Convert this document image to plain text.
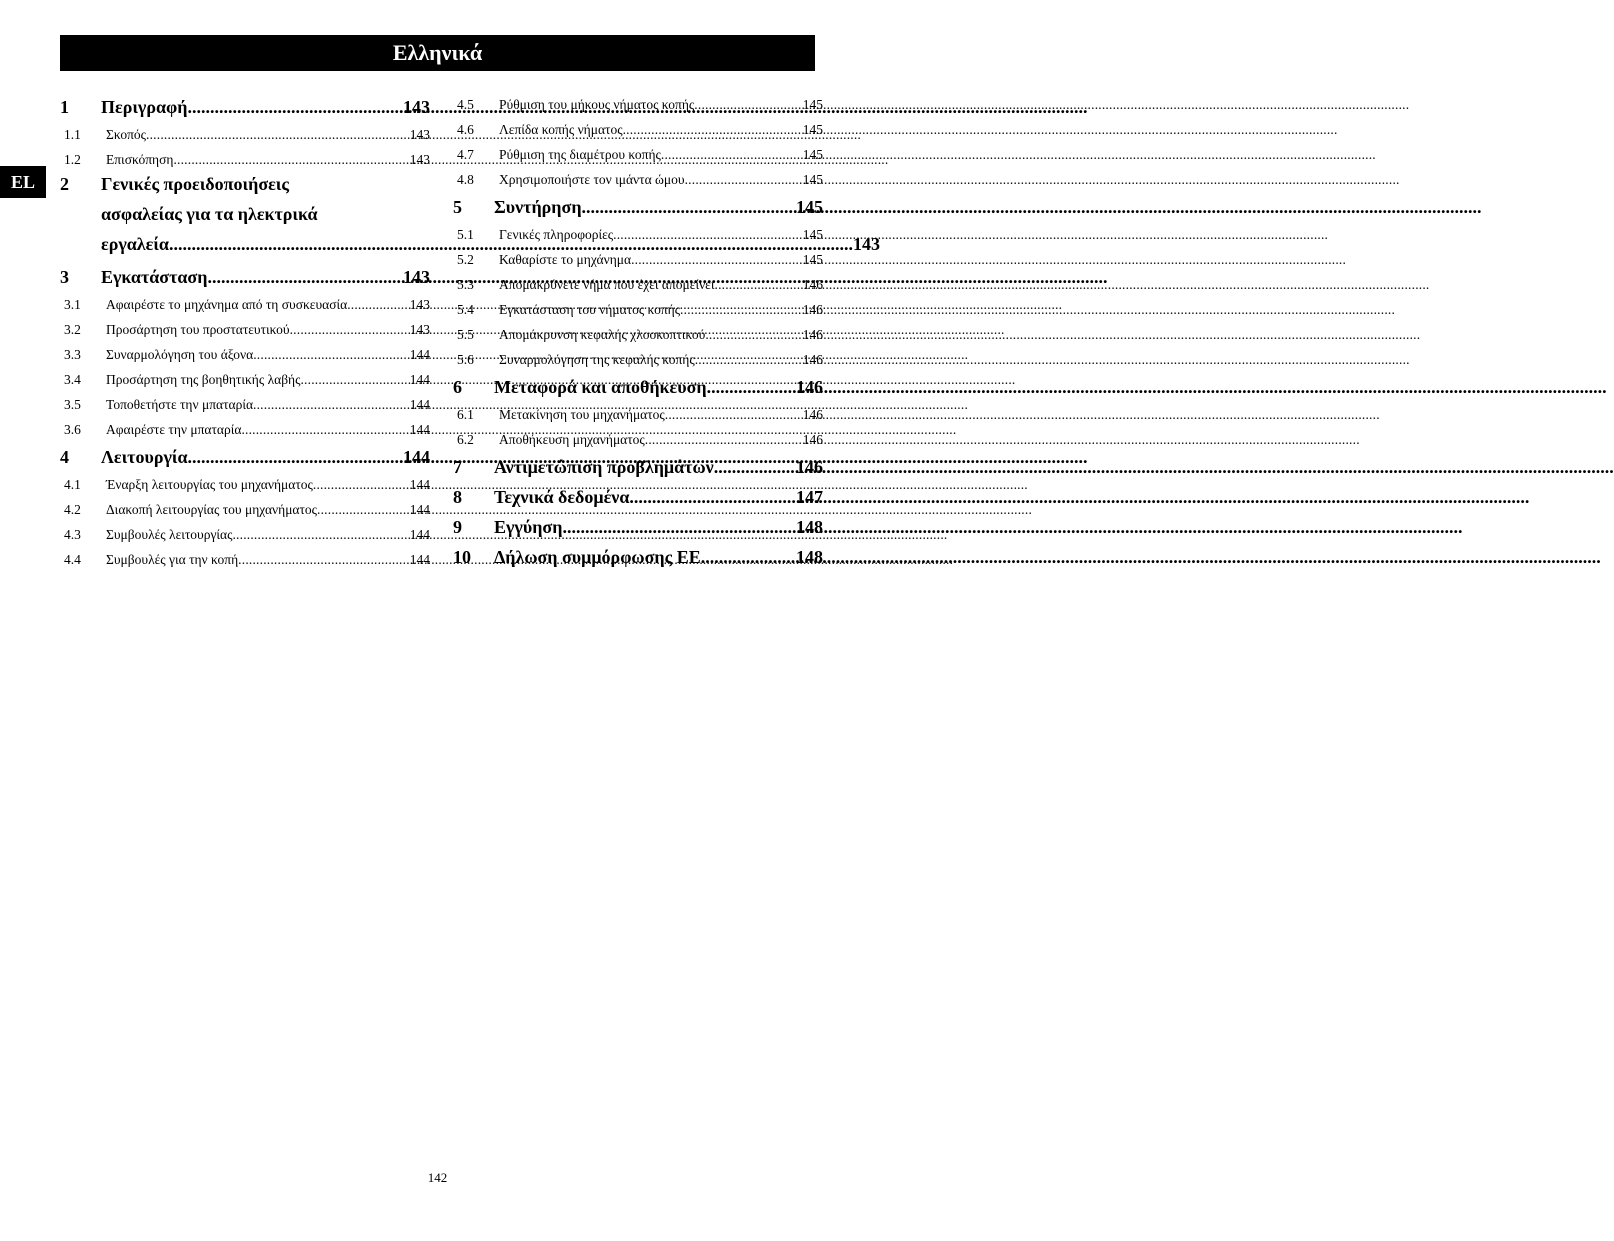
Ελληνικά
EL
1	Περιγραφή .....	143
1.1	Σκοπός .....	143
1.2	Επισκόπηση .....	143
2	Γενικές προειδοποιήσεις
ασφαλείας για τα ηλεκτρικά
εργαλεία .....	143
3	Εγκατάσταση .....	143
3.1	Αφαιρέστε το μηχάνημα από τη συσκευασία .....	143
3.2	Προσάρτηση του προστατευτικού .....	143
3.3	Συναρμολόγηση του άξονα .....	144
3.4	Προσάρτηση της βοηθητικής λαβής .....	144
3.5	Τοποθετήστε την μπαταρία .....	144
3.6	Αφαιρέστε την μπαταρία .....	144
4	Λειτουργία .....	144
4.1	Έναρξη λειτουργίας του μηχανήματος .....	144
4.2	Διακοπή λειτουργίας του μηχανήματος .....	144
4.3	Συμβουλές λειτουργίας .....	144
4.4	Συμβουλές για την κοπή .....	144
4.5	Ρύθμιση του μήκους νήματος κοπής .....	145
4.6	Λεπίδα κοπής νήματος .....	145
4.7	Ρύθμιση της διαμέτρου κοπής .....	145
4.8	Χρησιμοποιήστε τον ιμάντα ώμου .....	145
5	Συντήρηση .....	145
5.1	Γενικές πληροφορίες .....	145
5.2	Καθαρίστε το μηχάνημα .....	145
5.3	Απομακρύνετε νήμα που έχει απομείνει .....	146
5.4	Εγκατάσταση του νήματος κοπής .....	146
5.5	Απομάκρυνση κεφαλής χλοοκοπτικού .....	146
5.6	Συναρμολόγηση της κεφαλής κοπής .....	146
6	Μεταφορά και αποθήκευση .....	146
6.1	Μετακίνηση του μηχανήματος .....	146
6.2	Αποθήκευση μηχανήματος .....	146
7	Αντιμετώπιση προβλημάτων .....	146
8	Τεχνικά δεδομένα .....	147
9	Εγγύηση .....	148
10	Δήλωση συμμόρφωσης ΕΕ .....	148
142
